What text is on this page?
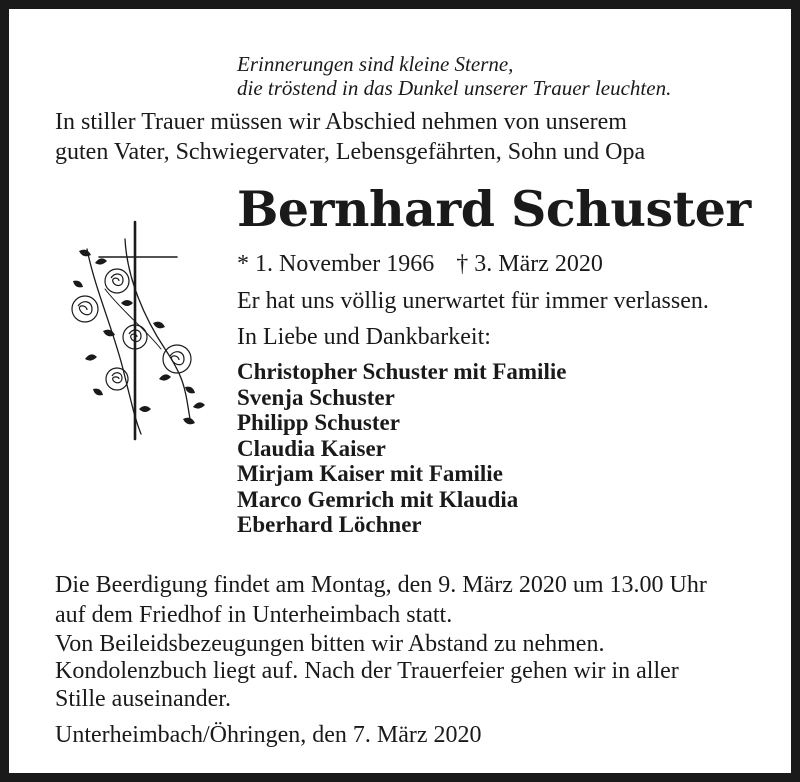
Erinnerungen sind kleine Sterne,
die tröstend in das Dunkel unserer Trauer leuchten.
In stiller Trauer müssen wir Abschied nehmen von unserem
guten Vater, Schwiegervater, Lebensgefährten, Sohn und Opa
Bernhard Schuster
* 1. November 1966 † 3. März 2020
Er hat uns völlig unerwartet für immer verlassen.
In Liebe und Dankbarkeit:
Christopher Schuster mit Familie
Svenja Schuster
Philipp Schuster
Claudia Kaiser
Mirjam Kaiser mit Familie
Marco Gemrich mit Klaudia
Eberhard Löchner
Die Beerdigung findet am Montag, den 9. März 2020 um 13.00 Uhr
auf dem Friedhof in Unterheimbach statt.
Von Beileidsbezeugungen bitten wir Abstand zu nehmen.
Kondolenzbuch liegt auf. Nach der Trauerfeier gehen wir in aller
Stille auseinander.
Unterheimbach/Öhringen, den 7. März 2020
